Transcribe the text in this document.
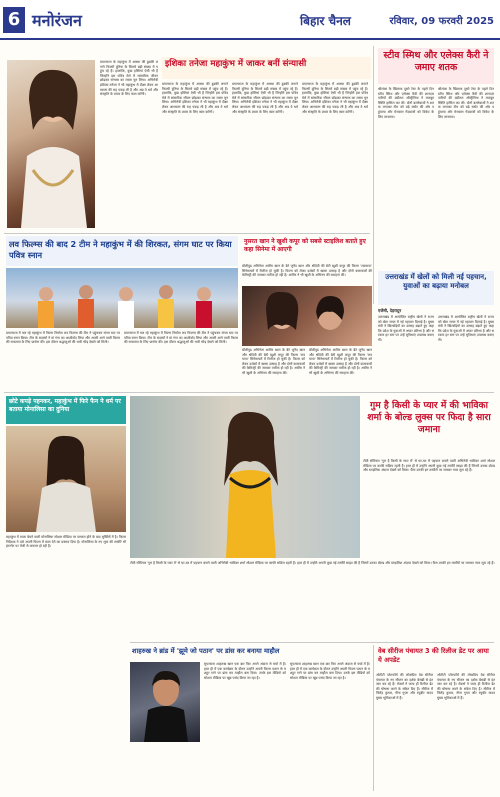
6 मनोरंजन	बिहार चैनल	रविवार, 09 फरवरी 2025
इशिका तनेजा महाकुंभ में जाकर बनीं संन्यासी
प्रयागराज के महाकुंभ में आस्था की डुबकी लगाने फिल्मी दुनिया के सितारे बड़ी संख्या में पहुंच रहे हैं। हालांकि, कुछ हस्तियां ऐसी भी हैं जिन्होंने इस पवित्र मेले में सांसारिक जीवन छोड़कर संन्यास का रास्ता चुन लिया। अभिनेत्री इशिका तनेजा ने भी महाकुंभ में दीक्षा लेकर आध्यात्म की राह पकड़ ली है और अब वे धर्म और संस्कृति के प्रचार के लिए काम करेंगी।
प्रयागराज के महाकुंभ में आस्था की डुबकी लगाने फिल्मी दुनिया के सितारे बड़ी संख्या में पहुंच रहे हैं। हालांकि, कुछ हस्तियां ऐसी भी हैं जिन्होंने इस पवित्र मेले में सांसारिक जीवन छोड़कर संन्यास का रास्ता चुन लिया। अभिनेत्री इशिका तनेजा ने भी महाकुंभ में दीक्षा लेकर आध्यात्म की राह पकड़ ली है और अब वे धर्म और संस्कृति के प्रचार के लिए काम करेंगी।
प्रयागराज के महाकुंभ में आस्था की डुबकी लगाने फिल्मी दुनिया के सितारे बड़ी संख्या में पहुंच रहे हैं। हालांकि, कुछ हस्तियां ऐसी भी हैं जिन्होंने इस पवित्र मेले में सांसारिक जीवन छोड़कर संन्यास का रास्ता चुन लिया। अभिनेत्री इशिका तनेजा ने भी महाकुंभ में दीक्षा लेकर आध्यात्म की राह पकड़ ली है और अब वे धर्म और संस्कृति के प्रचार के लिए काम करेंगी।
प्रयागराज के महाकुंभ में आस्था की डुबकी लगाने फिल्मी दुनिया के सितारे बड़ी संख्या में पहुंच रहे हैं। हालांकि, कुछ हस्तियां ऐसी भी हैं जिन्होंने इस पवित्र मेले में सांसारिक जीवन छोड़कर संन्यास का रास्ता चुन लिया। अभिनेत्री इशिका तनेजा ने भी महाकुंभ में दीक्षा लेकर आध्यात्म की राह पकड़ ली है और अब वे धर्म और संस्कृति के प्रचार के लिए काम करेंगी।
स्टीव स्मिथ और एलेक्स कैरी ने जमाए शतक
श्रीलंका के खिलाफ दूसरे टेस्ट के पहले दिन स्टीव स्मिथ और एलेक्स कैरी की शानदार पारियों की बदौलत ऑस्ट्रेलिया ने मजबूत स्थिति हासिल कर ली। दोनों बल्लेबाजों ने शतक लगाकर टीम को बड़े स्कोर की ओर पहुंचाया और मेजबान गेंदबाजों को विकेट के लिए तरसाया।
श्रीलंका के खिलाफ दूसरे टेस्ट के पहले दिन स्टीव स्मिथ और एलेक्स कैरी की शानदार पारियों की बदौलत ऑस्ट्रेलिया ने मजबूत स्थिति हासिल कर ली। दोनों बल्लेबाजों ने शतक लगाकर टीम को बड़े स्कोर की ओर पहुंचाया और मेजबान गेंदबाजों को विकेट के लिए तरसाया।
उत्तराखंड में खेलों को मिली नई पहचान, युवाओं का बढ़ाया मनोबल
एजेंसी, देहरादून
उत्तराखंड में आयोजित राष्ट्रीय खेलों ने राज्य को खेल जगत में नई पहचान दिलाई है। मुख्यमंत्री ने खिलाड़ियों का उत्साह बढ़ाते हुए कहा कि प्रदेश के युवाओं में अपार प्रतिभा है और सरकार हर स्तर पर उन्हें सुविधाएं उपलब्ध कराएगी।
उत्तराखंड में आयोजित राष्ट्रीय खेलों ने राज्य को खेल जगत में नई पहचान दिलाई है। मुख्यमंत्री ने खिलाड़ियों का उत्साह बढ़ाते हुए कहा कि प्रदेश के युवाओं में अपार प्रतिभा है और सरकार हर स्तर पर उन्हें सुविधाएं उपलब्ध कराएगी।
लव फिल्म्स की बाद 2 टीम ने महाकुंभ में की शिरकत, संगम घाट पर किया पवित्र स्नान
प्रयागराज में चल रहे महाकुंभ में फिल्म निर्माता लव फिल्म्स की टीम ने पहुंचकर संगम घाट पर पवित्र स्नान किया। टीम के सदस्यों ने मां गंगा का आशीर्वाद लिया और अपनी आने वाली फिल्म की सफलता के लिए प्रार्थना की। इस दौरान श्रद्धालुओं की भारी भीड़ देखने को मिली।
प्रयागराज में चल रहे महाकुंभ में फिल्म निर्माता लव फिल्म्स की टीम ने पहुंचकर संगम घाट पर पवित्र स्नान किया। टीम के सदस्यों ने मां गंगा का आशीर्वाद लिया और अपनी आने वाली फिल्म की सफलता के लिए प्रार्थना की। इस दौरान श्रद्धालुओं की भारी भीड़ देखने को मिली।
नुसरत खान ने खुशी कपूर को सबसे स्टाइलिश बताते हुए कहा सिनेमा में आएगी
बॉलीवुड अभिनेता आमिर खान के बेटे जुनैद खान और श्रीदेवी की बेटी खुशी कपूर की फिल्म 'लवयापा' सिनेमाघरों में रिलीज हो चुकी है। फिल्म को लेकर दर्शकों में खासा उत्साह है और दोनों कलाकारों की केमिस्ट्री की जमकर तारीफ हो रही है। आमिर ने भी खुशी के अभिनय की सराहना की।
बॉलीवुड अभिनेता आमिर खान के बेटे जुनैद खान और श्रीदेवी की बेटी खुशी कपूर की फिल्म 'लवयापा' सिनेमाघरों में रिलीज हो चुकी है। फिल्म को लेकर दर्शकों में खासा उत्साह है और दोनों कलाकारों की केमिस्ट्री की जमकर तारीफ हो रही है। आमिर ने भी खुशी के अभिनय की सराहना की।
बॉलीवुड अभिनेता आमिर खान के बेटे जुनैद खान और श्रीदेवी की बेटी खुशी कपूर की फिल्म 'लवयापा' सिनेमाघरों में रिलीज हो चुकी है। फिल्म को लेकर दर्शकों में खासा उत्साह है और दोनों कलाकारों की केमिस्ट्री की जमकर तारीफ हो रही है। आमिर ने भी खुशी के अभिनय की सराहना की।
छोटे कपड़े पहनकर, महाकुंभ में फिरे फैन ने धर्म पर बताया मोनालिसा का दुनिया
महाकुंभ में माला बेचने वाली मोनालिसा सोशल मीडिया पर वायरल होने के बाद सुर्खियों में है। फिल्म निर्देशक ने उसे अपनी फिल्म में काम देने का प्रस्ताव दिया है। मोनालिसा के नए लुक की तस्वीरें भी इंटरनेट पर तेजी से वायरल हो रही हैं।
गुम है किसी के प्यार में की भाविका शर्मा के बोल्ड लुक्स पर फिदा है सारा जमाना
टीवी सीरियल 'गुम है किसी के प्यार में' से घर-घर में पहचान बनाने वाली अभिनेत्री भाविका शर्मा सोशल मीडिया पर काफी सक्रिय रहती हैं। हाल ही में उन्होंने अपनी कुछ नई तस्वीरें साझा की हैं जिनमें उनका बोल्ड और स्टाइलिश अंदाज देखने को मिला। फैंस उनकी इन तस्वीरों पर जमकर प्यार लुटा रहे हैं।
टीवी सीरियल 'गुम है किसी के प्यार में' से घर-घर में पहचान बनाने वाली अभिनेत्री भाविका शर्मा सोशल मीडिया पर काफी सक्रिय रहती हैं। हाल ही में उन्होंने अपनी कुछ नई तस्वीरें साझा की हैं जिनमें उनका बोल्ड और स्टाइलिश अंदाज देखने को मिला। फैंस उनकी इन तस्वीरों पर जमकर प्यार लुटा रहे हैं।
शाहरुख ने ब्रांड में 'झूमे जो पठान' पर डांस कर बनाया माहौल
सुपरस्टार शाहरुख खान एक बार फिर अपने अंदाज से चर्चा में हैं। हाल ही में एक कार्यक्रम के दौरान उन्होंने अपनी फिल्म पठान के मशहूर गाने पर डांस कर माहौल बना दिया। उनके इस वीडियो को सोशल मीडिया पर खूब पसंद किया जा रहा है।
सुपरस्टार शाहरुख खान एक बार फिर अपने अंदाज से चर्चा में हैं। हाल ही में एक कार्यक्रम के दौरान उन्होंने अपनी फिल्म पठान के मशहूर गाने पर डांस कर माहौल बना दिया। उनके इस वीडियो को सोशल मीडिया पर खूब पसंद किया जा रहा है।
वेब सीरीज पंचायत 3 की रिलीज डेट पर आया ये अपडेट
ओटीटी प्लेटफॉर्म की लोकप्रिय वेब सीरीज पंचायत के नए सीजन का दर्शक बेसब्री से इंतजार कर रहे हैं। मेकर्स ने जल्द ही रिलीज डेट की घोषणा करने के संकेत दिए हैं। सीरीज में जितेंद्र कुमार, नीना गुप्ता और रघुबीर यादव मुख्य भूमिकाओं में हैं।
ओटीटी प्लेटफॉर्म की लोकप्रिय वेब सीरीज पंचायत के नए सीजन का दर्शक बेसब्री से इंतजार कर रहे हैं। मेकर्स ने जल्द ही रिलीज डेट की घोषणा करने के संकेत दिए हैं। सीरीज में जितेंद्र कुमार, नीना गुप्ता और रघुबीर यादव मुख्य भूमिकाओं में हैं।
